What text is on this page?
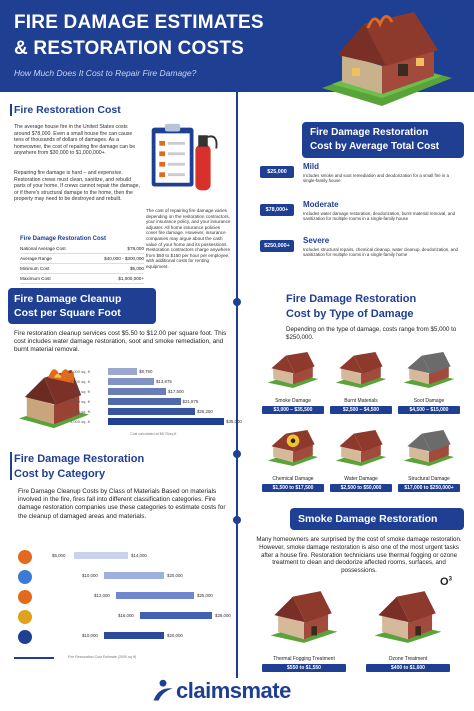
FIRE DAMAGE ESTIMATES
& RESTORATION COSTS
How Much Does It Cost to Repair Fire Damage?
Fire Restoration Cost
The average house fire in the United States costs around $78,000. Even a small house fire can cause tens of thousands of dollars of damages. As a homeowner, the cost of repairing fire damage can be anywhere from $30,000 to $1,000,000+.
Repairing fire damage is hard – and expensive. Restoration crews must clean, sanitize, and rebuild parts of your home. If crews cannot repair the damage, or if there's structural damage to the home, then the property may need to be destroyed and rebuilt.
The cost of repairing fire damage varies depending on the restoration contractors, your insurance policy, and your insurance adjuster. All home insurance policies cover fire damage. However, insurance companies may argue about the cash value of your home and its possessions. Restoration contractors charge anywhere from $50 to $150 per hour per employee, with additional costs for renting equipment.
Fire Damage Restoration Cost
National Average Cost	$78,000
Average Range	$40,000 - $300,000
Minimum Cost	$5,000
Maximum Cost	$1,000,000+
Fire Damage Restoration
Cost by Average Total Cost
$25,000
Mild
Includes smoke and soot remediation and deodorization for a small fire in a single-family house
$78,000+
Moderate
Includes water damage restoration, deodorization, burnt material removal, and sanitization for multiple rooms in a single-family house
$250,000+
Severe
Includes structural repairs, chemical cleanup, water cleanup, deodorization, and sanitization for multiple rooms in a single-family home
Fire Damage Cleanup
Cost per Square Foot
Fire restoration cleanup services cost $5.50 to $12.00 per square foot. This cost includes water damage restoration, soot and smoke remediation, and burnt material removal.
1,000 sq. ft	$8,750
1,500 sq. ft	$13,875
2,000 sq. ft	$17,500
2,500 sq. ft	$21,875
3,000 sq. ft	$26,250
4,000 sq. ft	$35,000
Cost calculated at $8.75/sq.ft
Fire Damage Restoration
Cost by Type of Damage
Depending on the type of damage, costs range from $5,000 to $250,000.
Smoke Damage
$3,000 – $35,500
Burnt Materials
$2,500 – $4,500
Soot Damage
$4,500 – $15,000
Chemical Damage
$1,500 to $17,500
Water Damage
$2,500 to $50,000
Structural Damage
$17,000 to $250,000+
Fire Damage Restoration
Cost by Category
Fire Damage Cleanup Costs by Class of Materials Based on materials involved in the fire, fires fall into different classification categories. Fire damage restoration companies use these categories to estimate costs for the cleanup of damaged areas and materials.
$5,000	$14,000
$10,000	$20,000
$12,000	$25,000
$16,000	$28,000
$10,000	$20,000
Fire Restoration Cost Estimate (2000 sq ft)
Smoke Damage Restoration
Many homeowners are surprised by the cost of smoke damage restoration. However, smoke damage restoration is also one of the most urgent tasks after a house fire. Restoration technicians use thermal fogging or ozone treatment to clean and deodorize affected rooms, surfaces, and possessions.
$O^3$
Thermal Fogging Treatment
$550 to $1,550
Ozone Treatment
$400 to $1,600
claimsmate
